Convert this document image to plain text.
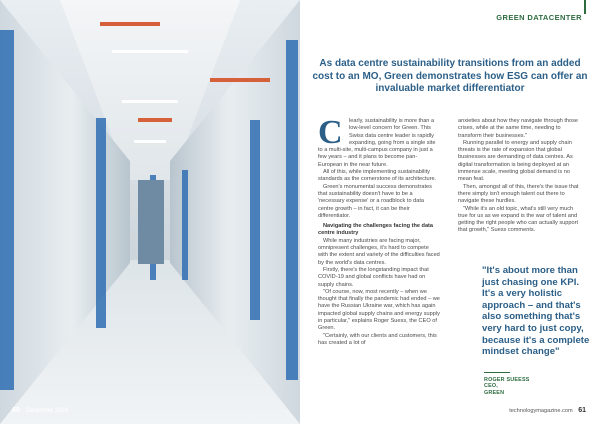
60 December 2023
GREEN DATACENTER
As data centre sustainability transitions from an added cost to an MO, Green demonstrates how ESG can offer an invaluable market differentiator
C	learly, sustainability is more than a low-level concern for Green. This Swiss data centre leader is rapidly expanding, going from a single site to a multi-site, multi-campus company in just a few years – and it plans to become pan-European in the near future.

All of this, while implementing sustainability standards as the cornerstone of its architecture.

Green's monumental success demonstrates that sustainability doesn't have to be a 'necessary expense' or a roadblock to data centre growth – in fact, it can be their differentiator.

Navigating the challenges facing the data centre industry

While many industries are facing major, omnipresent challenges, it's hard to compete with the extent and variety of the difficulties faced by the world's data centres.

Firstly, there's the longstanding impact that COVID-19 and global conflicts have had on supply chains.

"Of course, now, most recently – when we thought that finally the pandemic had ended – we have the Russian Ukraine war, which has again impacted global supply chains and energy supply in particular," explains Roger Suess, the CEO of Green.

"Certainly, with our clients and customers, this has created a lot of

anxieties about how they navigate through those crises, while at the same time, needing to transform their businesses."

Running parallel to energy and supply chain threats is the rate of expansion that global businesses are demanding of data centres. As digital transformation is being deployed at an immense scale, meeting global demand is no mean feat.

Then, amongst all of this, there's the issue that there simply isn't enough talent out there to navigate these hurdles.

"While it's an old topic, what's still very much true for us as we expand is the war of talent and getting the right people who can actually support that growth," Suess comments.

"It's about more than just chasing one KPI. It's a very holistic approach – and that's also something that's very hard to just copy, because it's a complete mindset change"
ROGER SUEESS
CEO,
GREEN
technologymagazine.com 61
